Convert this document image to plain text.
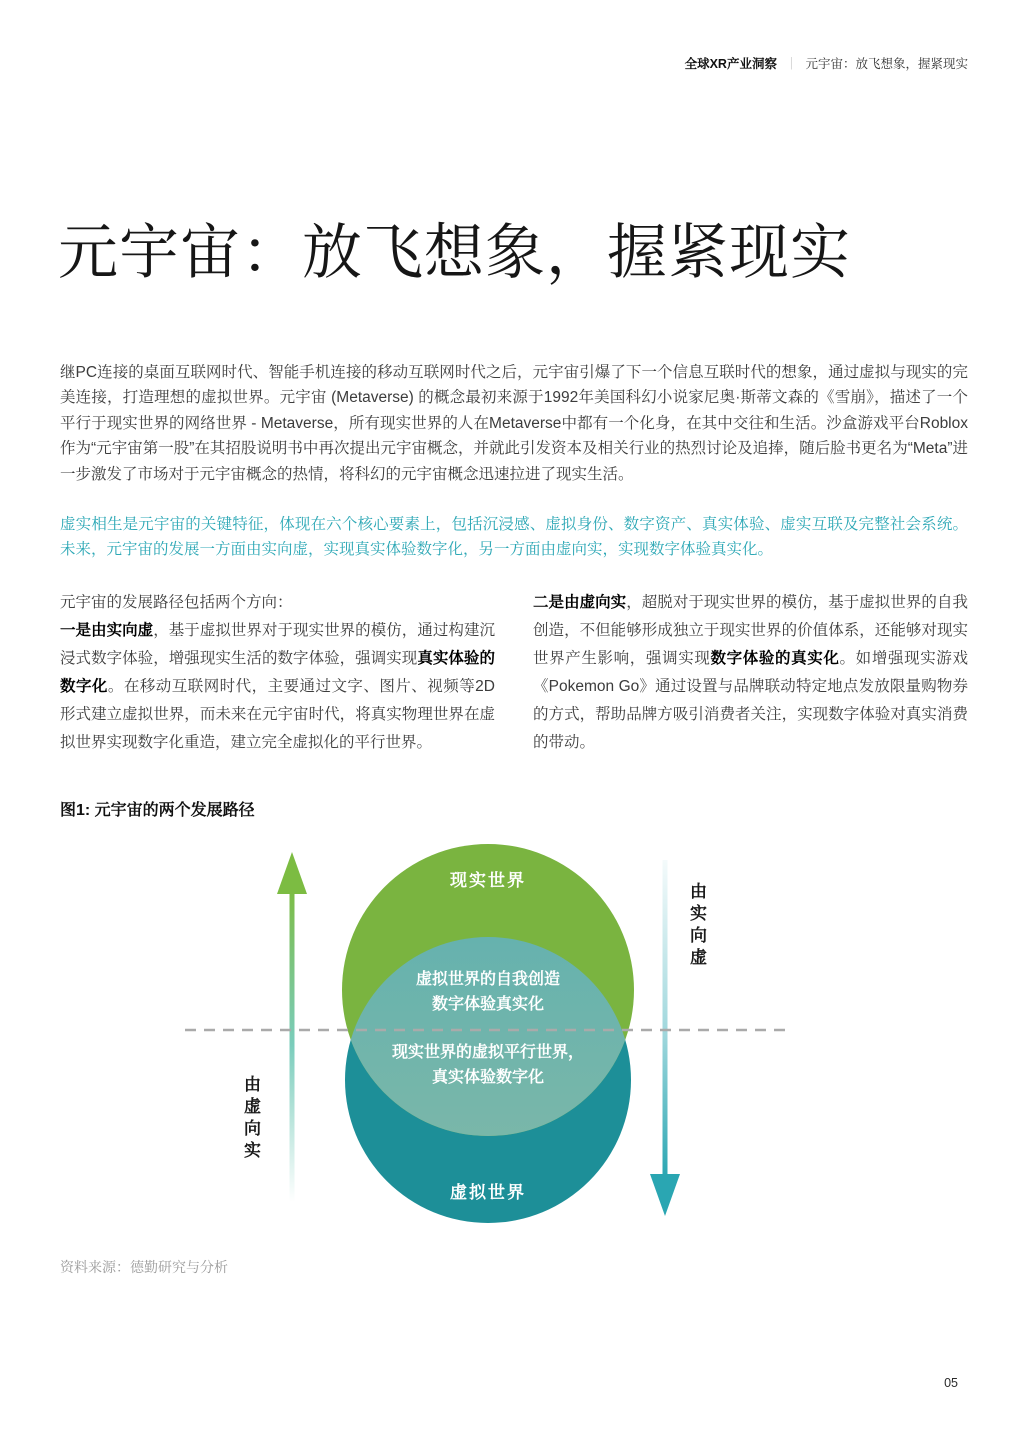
全球XR产业洞察 ｜ 元宇宙：放飞想象，握紧现实
元宇宙：放飞想象，握紧现实

继PC连接的桌面互联网时代、智能手机连接的移动互联网时代之后，元宇宙引爆了下一个信息互联时代的想象，通过虚拟与现实的完美连接，打造理想的虚拟世界。元宇宙 (Metaverse) 的概念最初来源于1992年美国科幻小说家尼奥·斯蒂文森的《雪崩》，描述了一个平行于现实世界的网络世界 - Metaverse，所有现实世界的人在Metaverse中都有一个化身，在其中交往和生活。沙盒游戏平台Roblox作为“元宇宙第一股”在其招股说明书中再次提出元宇宙概念，并就此引发资本及相关行业的热烈讨论及追捧，随后脸书更名为“Meta”进一步激发了市场对于元宇宙概念的热情，将科幻的元宇宙概念迅速拉进了现实生活。

虚实相生是元宇宙的关键特征，体现在六个核心要素上，包括沉浸感、虚拟身份、数字资产、真实体验、虚实互联及完整社会系统。未来，元宇宙的发展一方面由实向虚，实现真实体验数字化，另一方面由虚向实，实现数字体验真实化。

元宇宙的发展路径包括两个方向：
一是由实向虚，基于虚拟世界对于现实世界的模仿，通过构建沉浸式数字体验，增强现实生活的数字体验，强调实现真实体验的数字化。在移动互联网时代，主要通过文字、图片、视频等2D形式建立虚拟世界，而未来在元宇宙时代，将真实物理世界在虚拟世界实现数字化重造，建立完全虚拟化的平行世界。

二是由虚向实，超脱对于现实世界的模仿，基于虚拟世界的自我创造，不但能够形成独立于现实世界的价值体系，还能够对现实世界产生影响，强调实现数字体验的真实化。如增强现实游戏《Pokemon Go》通过设置与品牌联动特定地点发放限量购物券的方式，帮助品牌方吸引消费者关注，实现数字体验对真实消费的带动。

图1: 元宇宙的两个发展路径
现实世界
虚拟世界的自我创造
数字体验真实化
现实世界的虚拟平行世界，
真实体验数字化
虚拟世界
由实向虚
由虚向实
资料来源：德勤研究与分析
05
